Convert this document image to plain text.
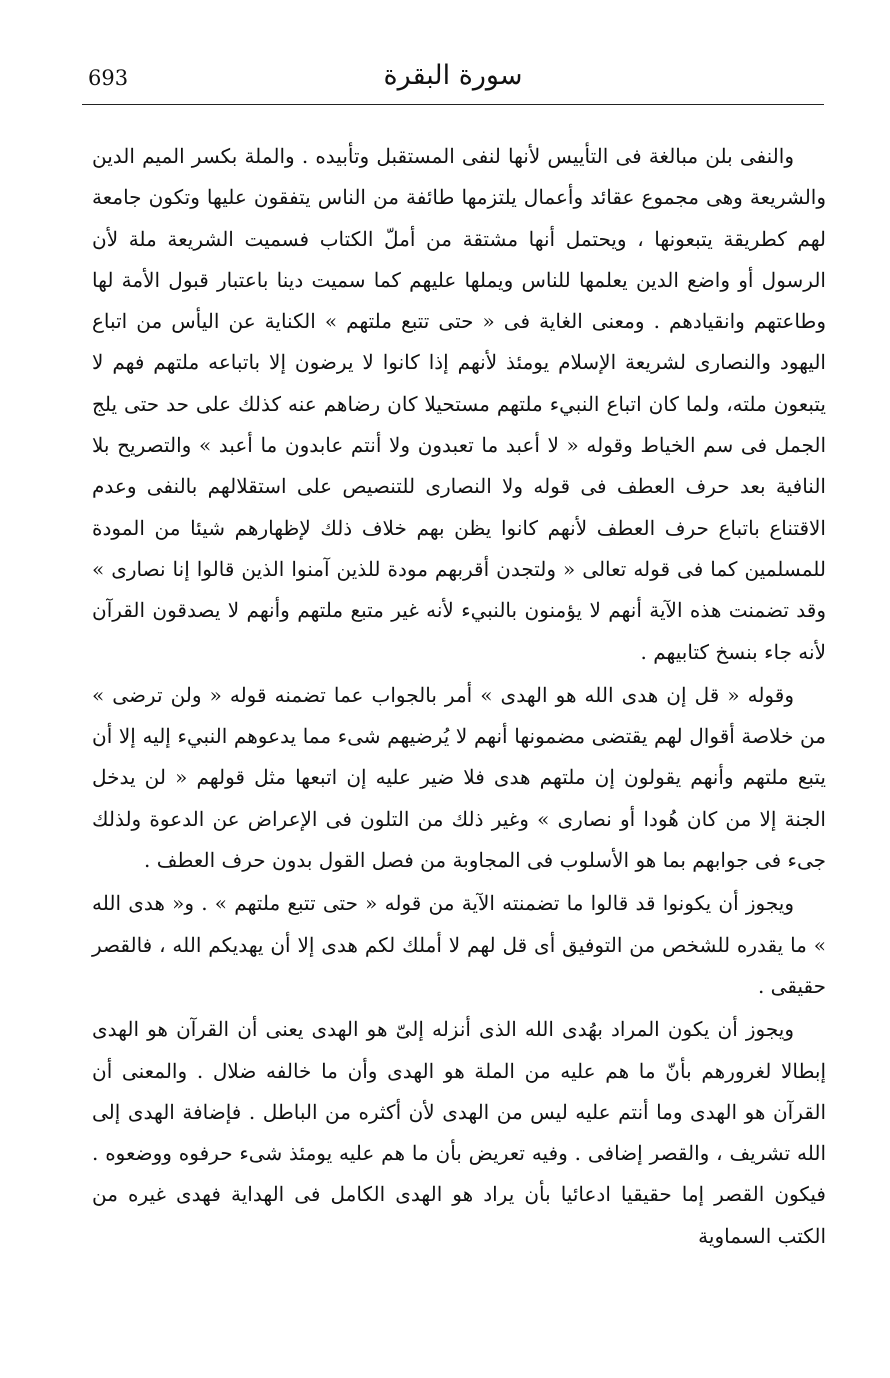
693	سورة البقرة

والنفى بلن مبالغة فى التأييس لأنها لنفى المستقبل وتأبيده . والملة بكسر الميم الدين والشريعة وهى مجموع عقائد وأعمال يلتزمها طائفة من الناس يتفقون عليها وتكون جامعة لهم كطريقة يتبعونها ، ويحتمل أنها مشتقة من أملّ الكتاب فسميت الشريعة ملة لأن الرسول أو واضع الدين يعلمها للناس ويملها عليهم كما سميت دينا باعتبار قبول الأمة لها وطاعتهم وانقيادهم . ومعنى الغاية فى « حتى تتبع ملتهم » الكناية عن اليأس من اتباع اليهود والنصارى لشريعة الإسلام يومئذ لأنهم إذا كانوا لا يرضون إلا باتباعه ملتهم فهم لا يتبعون ملته، ولما كان اتباع النبيء ملتهم مستحيلا كان رضاهم عنه كذلك على حد حتى يلج الجمل فى سم الخياط وقوله « لا أعبد ما تعبدون ولا أنتم عابدون ما أعبد » والتصريح بلا النافية بعد حرف العطف فى قوله ولا النصارى للتنصيص على استقلالهم بالنفى وعدم الاقتناع باتباع حرف العطف لأنهم كانوا يظن بهم خلاف ذلك لإظهارهم شيئا من المودة للمسلمين كما فى قوله تعالى « ولتجدن أقربهم مودة للذين آمنوا الذين قالوا إنا نصارى » وقد تضمنت هذه الآية أنهم لا يؤمنون بالنبيء لأنه غير متبع ملتهم وأنهم لا يصدقون القرآن لأنه جاء بنسخ كتابيهم .

وقوله « قل إن هدى الله هو الهدى » أمر بالجواب عما تضمنه قوله « ولن ترضى » من خلاصة أقوال لهم يقتضى مضمونها أنهم لا يُرضيهم شىء مما يدعوهم النبيء إليه إلا أن يتبع ملتهم وأنهم يقولون إن ملتهم هدى فلا ضير عليه إن اتبعها مثل قولهم « لن يدخل الجنة إلا من كان هُودا أو نصارى » وغير ذلك من التلون فى الإعراض عن الدعوة ولذلك جىء فى جوابهم بما هو الأسلوب فى المجاوبة من فصل القول بدون حرف العطف .

ويجوز أن يكونوا قد قالوا ما تضمنته الآية من قوله « حتى تتبع ملتهم » . و« هدى الله » ما يقدره للشخص من التوفيق أى قل لهم لا أملك لكم هدى إلا أن يهديكم الله ، فالقصر حقيقى .

ويجوز أن يكون المراد بهُدى الله الذى أنزله إلىّ هو الهدى يعنى أن القرآن هو الهدى إبطالا لغرورهم بأنّ ما هم عليه من الملة هو الهدى وأن ما خالفه ضلال . والمعنى أن القرآن هو الهدى وما أنتم عليه ليس من الهدى لأن أكثره من الباطل . فإضافة الهدى إلى الله تشريف ، والقصر إضافى . وفيه تعريض بأن ما هم عليه يومئذ شىء حرفوه ووضعوه . فيكون القصر إما حقيقيا ادعائيا بأن يراد هو الهدى الكامل فى الهداية فهدى غيره من الكتب السماوية
